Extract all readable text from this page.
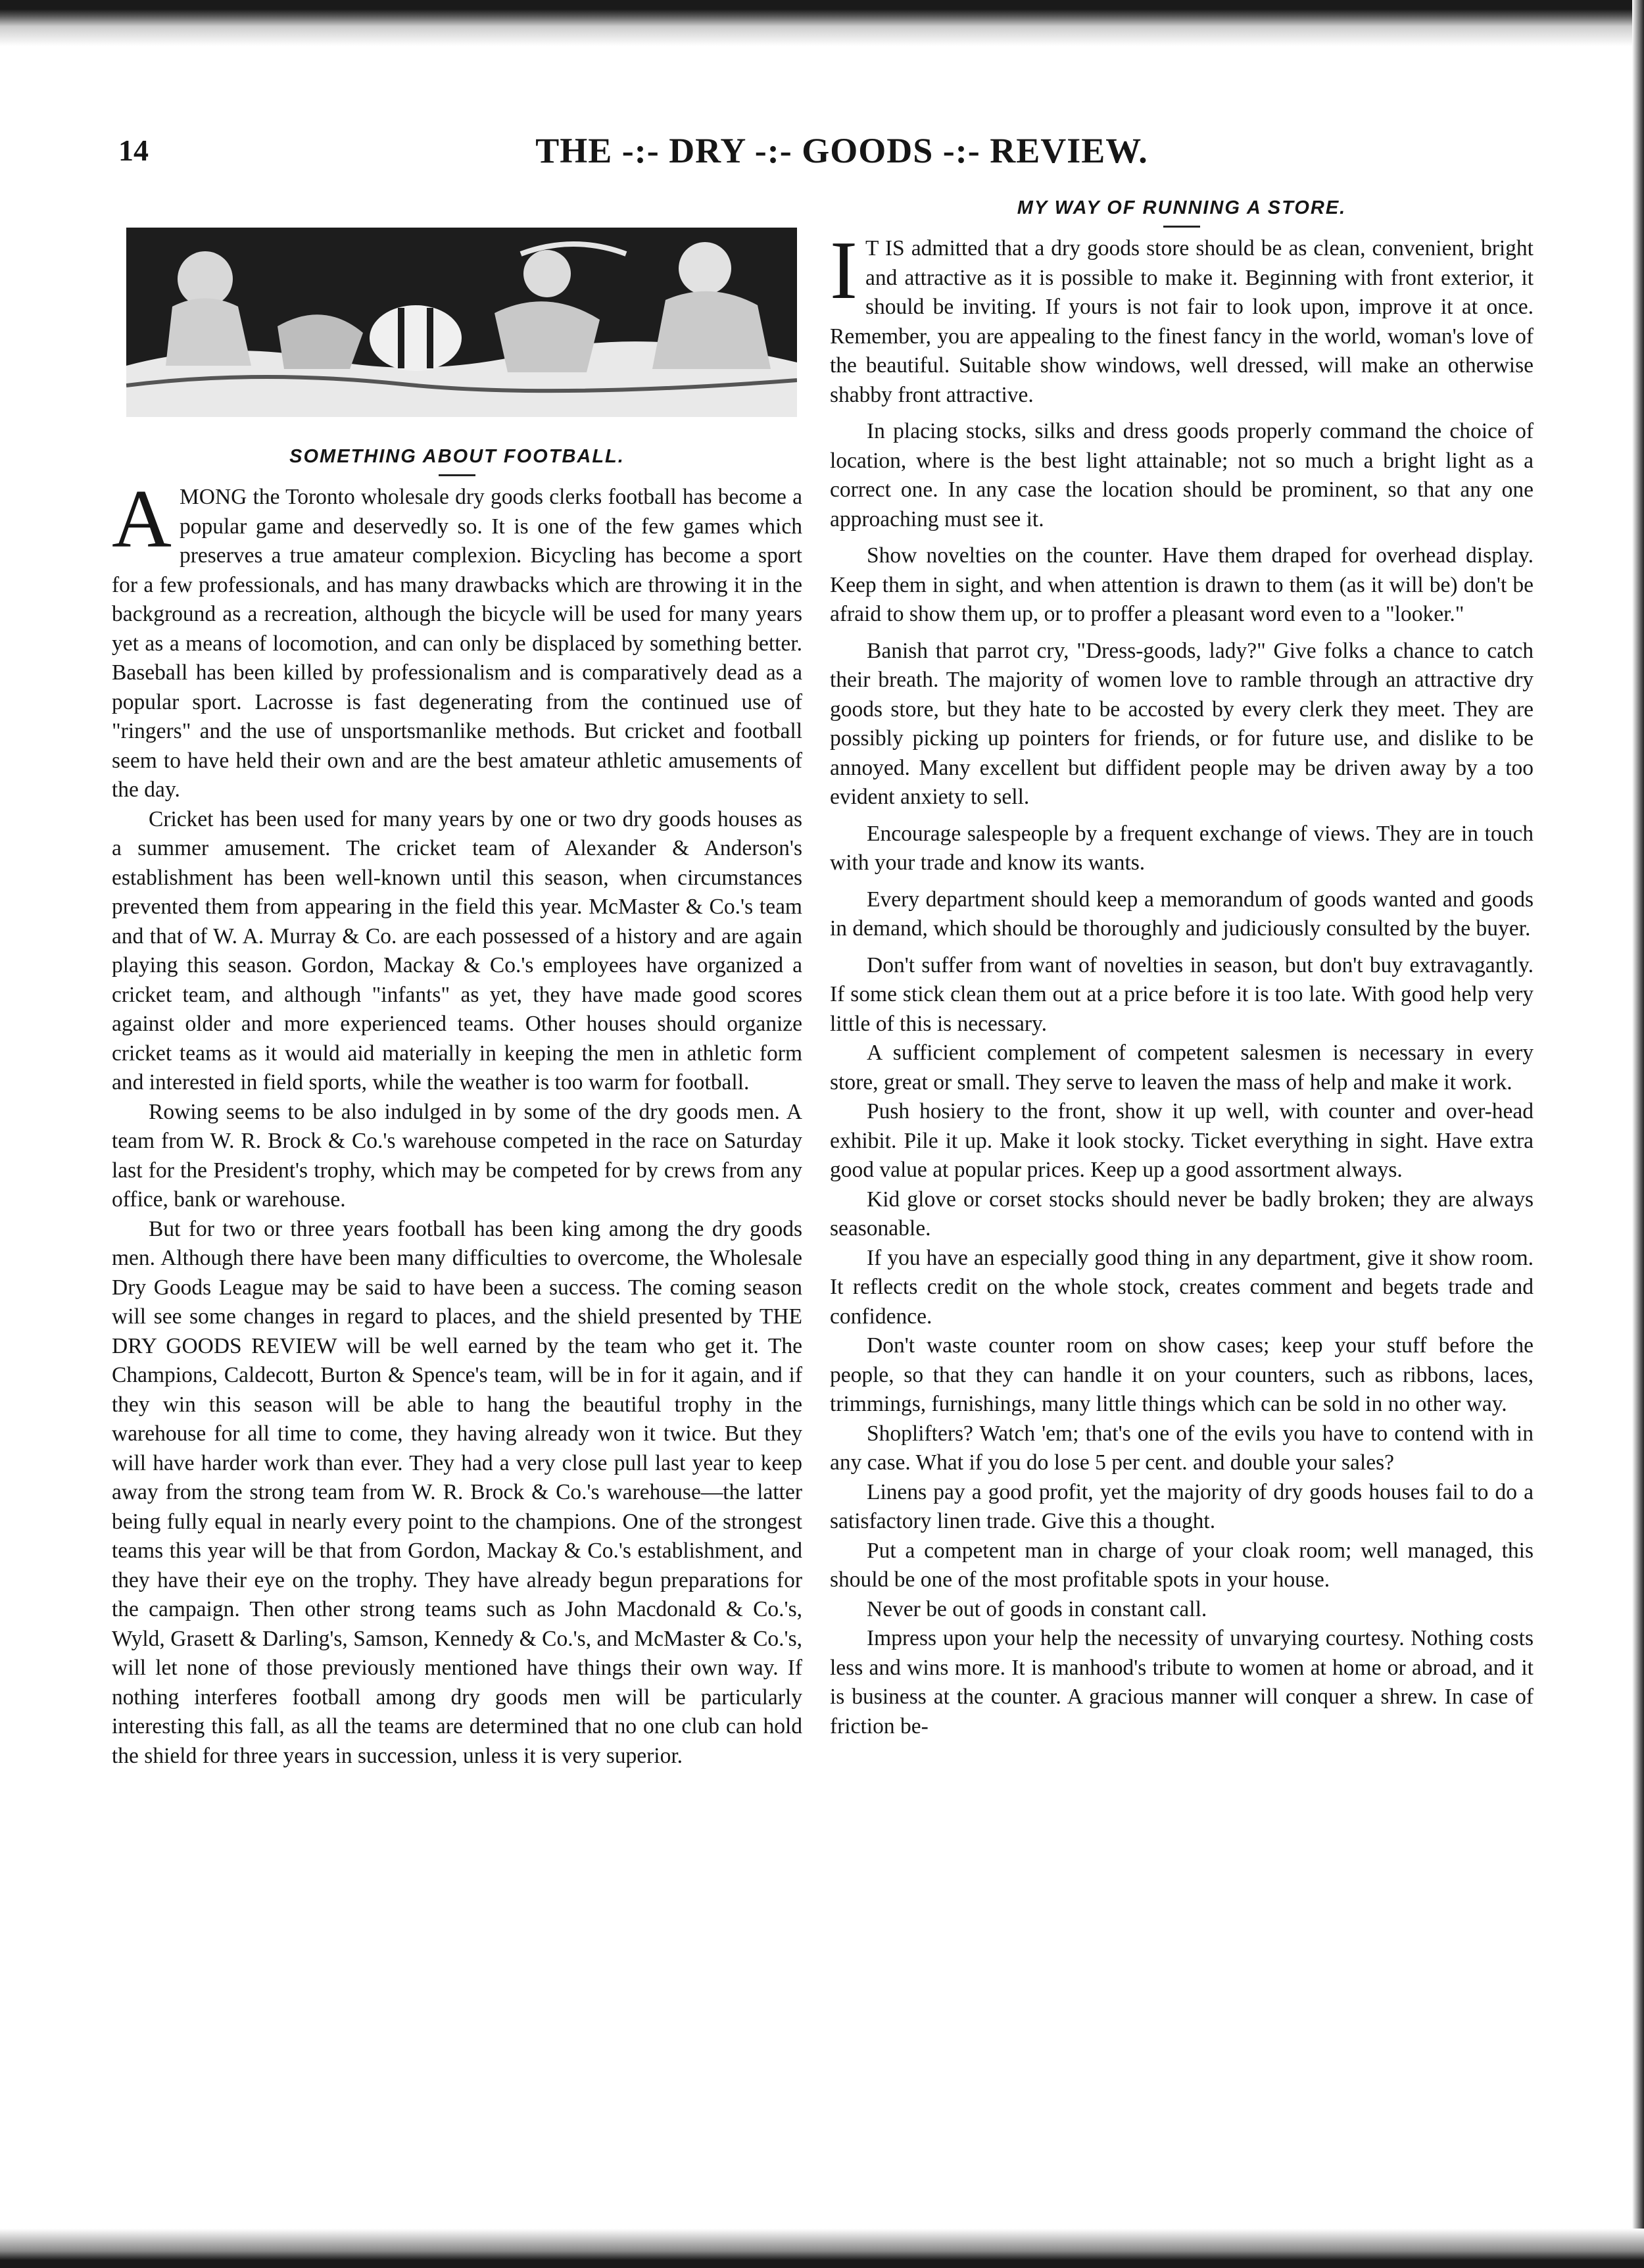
14	THE -:- DRY -:- GOODS -:- REVIEW.
SOMETHING ABOUT FOOTBALL.

AMONG the Toronto wholesale dry goods clerks football has become a popular game and deservedly so. It is one of the few games which preserves a true amateur complexion. Bicycling has become a sport for a few professionals, and has many drawbacks which are throwing it in the background as a recreation, although the bicycle will be used for many years yet as a means of locomotion, and can only be displaced by something better. Baseball has been killed by professionalism and is comparatively dead as a popular sport. Lacrosse is fast degenerating from the continued use of "ringers" and the use of unsportsmanlike methods. But cricket and football seem to have held their own and are the best amateur athletic amusements of the day.

Cricket has been used for many years by one or two dry goods houses as a summer amusement. The cricket team of Alexander & Anderson's establishment has been well-known until this season, when circumstances prevented them from appearing in the field this year. McMaster & Co.'s team and that of W. A. Murray & Co. are each possessed of a history and are again playing this season. Gordon, Mackay & Co.'s employees have organized a cricket team, and although "infants" as yet, they have made good scores against older and more experienced teams. Other houses should organize cricket teams as it would aid materially in keeping the men in athletic form and interested in field sports, while the weather is too warm for football.

Rowing seems to be also indulged in by some of the dry goods men. A team from W. R. Brock & Co.'s warehouse competed in the race on Saturday last for the President's trophy, which may be competed for by crews from any office, bank or warehouse.

But for two or three years football has been king among the dry goods men. Although there have been many difficulties to overcome, the Wholesale Dry Goods League may be said to have been a success. The coming season will see some changes in regard to places, and the shield presented by THE DRY GOODS REVIEW will be well earned by the team who get it. The Champions, Caldecott, Burton & Spence's team, will be in for it again, and if they win this season will be able to hang the beautiful trophy in the warehouse for all time to come, they having already won it twice. But they will have harder work than ever. They had a very close pull last year to keep away from the strong team from W. R. Brock & Co.'s warehouse—the latter being fully equal in nearly every point to the champions. One of the strongest teams this year will be that from Gordon, Mackay & Co.'s establishment, and they have their eye on the trophy. They have already begun preparations for the campaign. Then other strong teams such as John Macdonald & Co.'s, Wyld, Grasett & Darling's, Samson, Kennedy & Co.'s, and McMaster & Co.'s, will let none of those previously mentioned have things their own way. If nothing interferes football among dry goods men will be particularly interesting this fall, as all the teams are determined that no one club can hold the shield for three years in succession, unless it is very superior.

MY WAY OF RUNNING A STORE.

I T IS admitted that a dry goods store should be as clean, convenient, bright and attractive as it is possible to make it. Beginning with front exterior, it should be inviting. If yours is not fair to look upon, improve it at once. Remember, you are appealing to the finest fancy in the world, woman's love of the beautiful. Suitable show windows, well dressed, will make an otherwise shabby front attractive.

In placing stocks, silks and dress goods properly command the choice of location, where is the best light attainable; not so much a bright light as a correct one. In any case the location should be prominent, so that any one approaching must see it.

Show novelties on the counter. Have them draped for overhead display. Keep them in sight, and when attention is drawn to them (as it will be) don't be afraid to show them up, or to proffer a pleasant word even to a "looker."

Banish that parrot cry, "Dress-goods, lady?" Give folks a chance to catch their breath. The majority of women love to ramble through an attractive dry goods store, but they hate to be accosted by every clerk they meet. They are possibly picking up pointers for friends, or for future use, and dislike to be annoyed. Many excellent but diffident people may be driven away by a too evident anxiety to sell.

Encourage salespeople by a frequent exchange of views. They are in touch with your trade and know its wants.

Every department should keep a memorandum of goods wanted and goods in demand, which should be thoroughly and judiciously consulted by the buyer.

Don't suffer from want of novelties in season, but don't buy extravagantly. If some stick clean them out at a price before it is too late. With good help very little of this is necessary.

A sufficient complement of competent salesmen is necessary in every store, great or small. They serve to leaven the mass of help and make it work.

Push hosiery to the front, show it up well, with counter and over-head exhibit. Pile it up. Make it look stocky. Ticket everything in sight. Have extra good value at popular prices. Keep up a good assortment always.

Kid glove or corset stocks should never be badly broken; they are always seasonable.

If you have an especially good thing in any department, give it show room. It reflects credit on the whole stock, creates comment and begets trade and confidence.

Don't waste counter room on show cases; keep your stuff before the people, so that they can handle it on your counters, such as ribbons, laces, trimmings, furnishings, many little things which can be sold in no other way.

Shoplifters? Watch 'em; that's one of the evils you have to contend with in any case. What if you do lose 5 per cent. and double your sales?

Linens pay a good profit, yet the majority of dry goods houses fail to do a satisfactory linen trade. Give this a thought.

Put a competent man in charge of your cloak room; well managed, this should be one of the most profitable spots in your house.

Never be out of goods in constant call.

Impress upon your help the necessity of unvarying courtesy. Nothing costs less and wins more. It is manhood's tribute to women at home or abroad, and it is business at the counter. A gracious manner will conquer a shrew. In case of friction be-
